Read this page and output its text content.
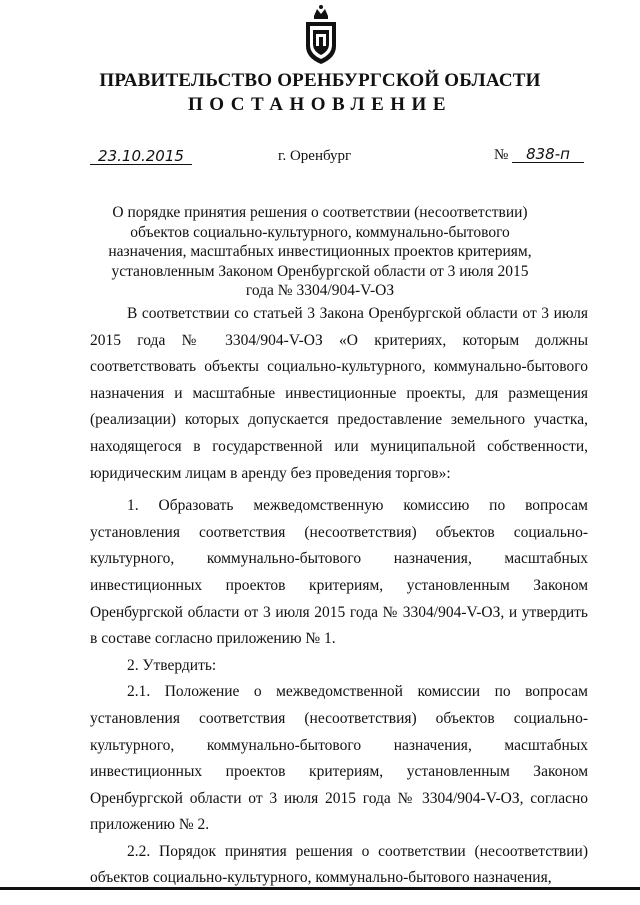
ПРАВИТЕЛЬСТВО ОРЕНБУРГСКОЙ ОБЛАСТИ
ПОСТАНОВЛЕНИЕ
23.10.2015	г. Оренбург	№	838-п
О порядке принятия решения о соответствии (несоответствии) объектов социально-культурного, коммунально-бытового назначения, масштабных инвестиционных проектов критериям, установленным Законом Оренбургской области от 3 июля 2015 года № 3304/904-V-ОЗ

В соответствии со статьей 3 Закона Оренбургской области от 3 июля 2015 года № 3304/904-V-ОЗ «О критериях, которым должны соответствовать объекты социально-культурного, коммунально-бытового назначения и масштабные инвестиционные проекты, для размещения (реализации) которых допускается предоставление земельного участка, находящегося в государственной или муниципальной собственности, юридическим лицам в аренду без проведения торгов»:

1. Образовать межведомственную комиссию по вопросам установления соответствия (несоответствия) объектов социально-культурного, коммунально-бытового назначения, масштабных инвестиционных проектов критериям, установленным Законом Оренбургской области от 3 июля 2015 года № 3304/904-V-ОЗ, и утвердить в составе согласно приложению № 1.

2. Утвердить:

2.1. Положение о межведомственной комиссии по вопросам установления соответствия (несоответствия) объектов социально-культурного, коммунально-бытового назначения, масштабных инвестиционных проектов критериям, установленным Законом Оренбургской области от 3 июля 2015 года № 3304/904-V-ОЗ, согласно приложению № 2.

2.2. Порядок принятия решения о соответствии (несоответствии) объектов социально-культурного, коммунально-бытового назначения,
